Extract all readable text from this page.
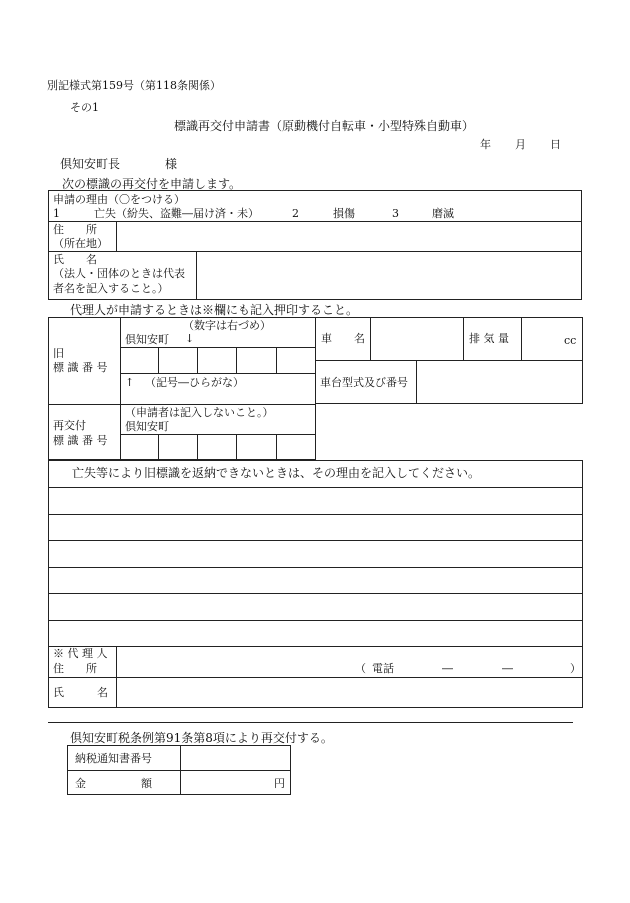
別記様式第159号（第118条関係）
その1
標識再交付申請書（原動機付自転車・小型特殊自動車）
年 月 日
倶知安町長	様
次の標識の再交付を申請します。
申請の理由（〇をつける）
1	亡失（紛失、盗難―届け済・未）	2	損傷	3	磨滅
住　　所
（所在地）
氏　　名
（法人・団体のときは代表
者名を記入すること。）
代理人が申請するときは※欄にも記入押印すること。
旧
標 識 番 号
（数字は右づめ）
倶知安町 ↓
↑ （記号―ひらがな）
再交付
標 識 番 号
（申請者は記入しないこと。）
倶知安町
車　　名	排 気 量	cc
車台型式及び番号
亡失等により旧標識を返納できないときは、その理由を記入してください。
※ 代 理 人
住　　所	（ 電話	―	―	）
氏　　　名
倶知安町税条例第91条第8項により再交付する。
納税通知書番号
金　　　　　額	円
